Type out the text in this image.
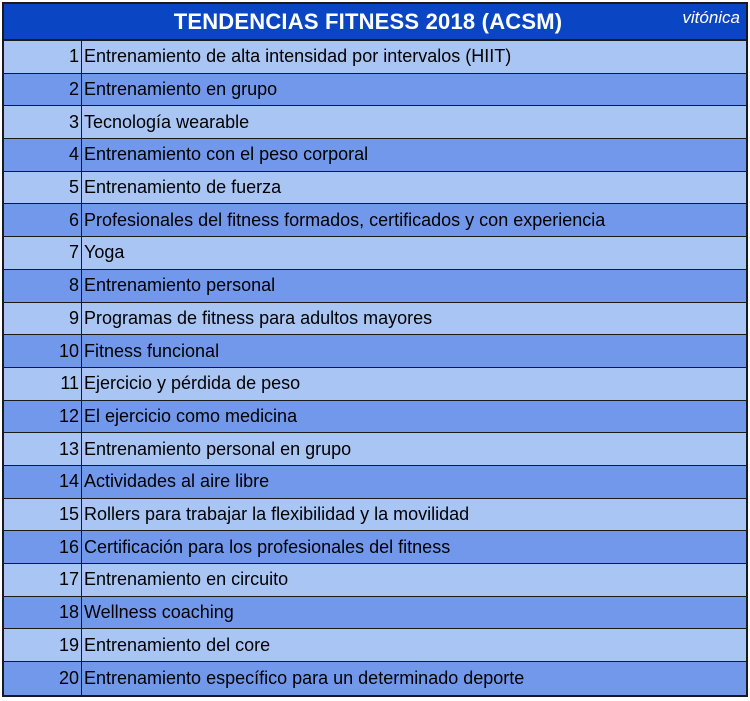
TENDENCIAS FITNESS 2018 (ACSM)	vitónica
1 Entrenamiento de alta intensidad por intervalos (HIIT)
2 Entrenamiento en grupo
3 Tecnología wearable
4 Entrenamiento con el peso corporal
5 Entrenamiento de fuerza
6 Profesionales del fitness formados, certificados y con experiencia
7 Yoga
8 Entrenamiento personal
9 Programas de fitness para adultos mayores
10 Fitness funcional
11 Ejercicio y pérdida de peso
12 El ejercicio como medicina
13 Entrenamiento personal en grupo
14 Actividades al aire libre
15 Rollers para trabajar la flexibilidad y la movilidad
16 Certificación para los profesionales del fitness
17 Entrenamiento en circuito
18 Wellness coaching
19 Entrenamiento del core
20 Entrenamiento específico para un determinado deporte
